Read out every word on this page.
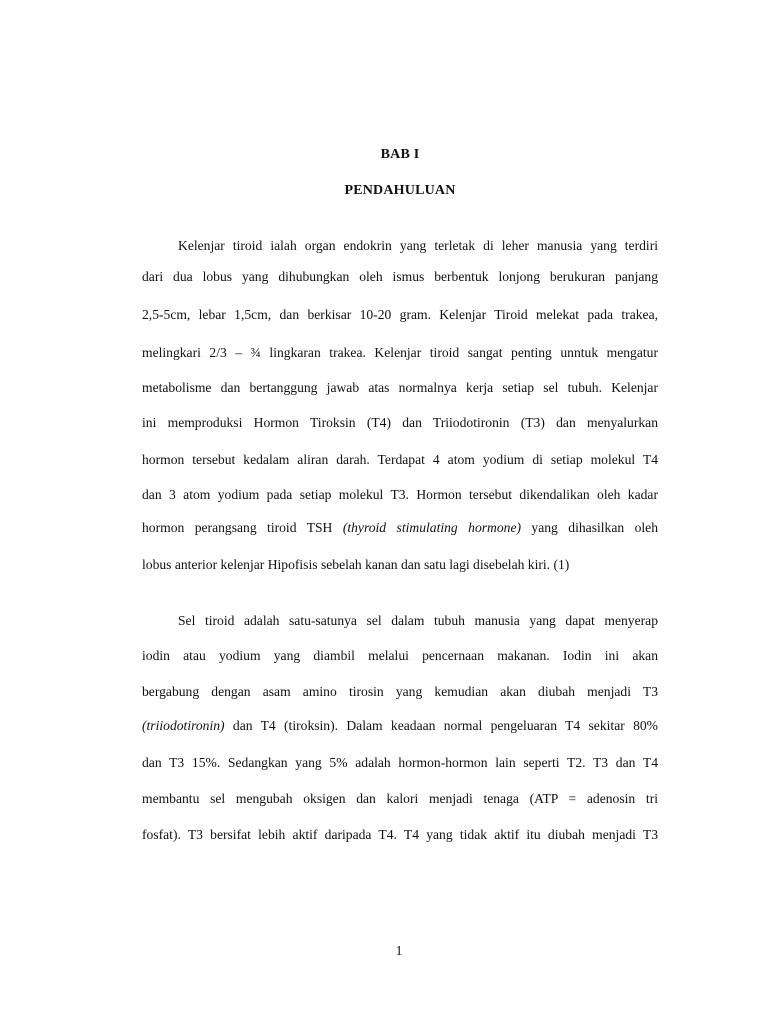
BAB I
PENDAHULUAN
Kelenjar tiroid ialah organ endokrin yang terletak di leher manusia yang terdiri
dari dua lobus yang dihubungkan oleh ismus berbentuk lonjong berukuran panjang
2,5-5cm, lebar 1,5cm, dan berkisar 10-20 gram. Kelenjar Tiroid melekat pada trakea,
melingkari 2/3 – ¾ lingkaran trakea. Kelenjar tiroid sangat penting unntuk mengatur
metabolisme dan bertanggung jawab atas normalnya kerja setiap sel tubuh. Kelenjar
ini memproduksi Hormon Tiroksin (T4) dan Triiodotironin (T3) dan menyalurkan
hormon tersebut kedalam aliran darah. Terdapat 4 atom yodium di setiap molekul T4
dan 3 atom yodium pada setiap molekul T3. Hormon tersebut dikendalikan oleh kadar
hormon perangsang tiroid TSH (thyroid stimulating hormone) yang dihasilkan oleh
lobus anterior kelenjar Hipofisis sebelah kanan dan satu lagi disebelah kiri. (1)
Sel tiroid adalah satu-satunya sel dalam tubuh manusia yang dapat menyerap
iodin atau yodium yang diambil melalui pencernaan makanan. Iodin ini akan
bergabung dengan asam amino tirosin yang kemudian akan diubah menjadi T3
(triiodotironin) dan T4 (tiroksin). Dalam keadaan normal pengeluaran T4 sekitar 80%
dan T3 15%. Sedangkan yang 5% adalah hormon-hormon lain seperti T2. T3 dan T4
membantu sel mengubah oksigen dan kalori menjadi tenaga (ATP = adenosin tri
fosfat). T3 bersifat lebih aktif daripada T4. T4 yang tidak aktif itu diubah menjadi T3
1
